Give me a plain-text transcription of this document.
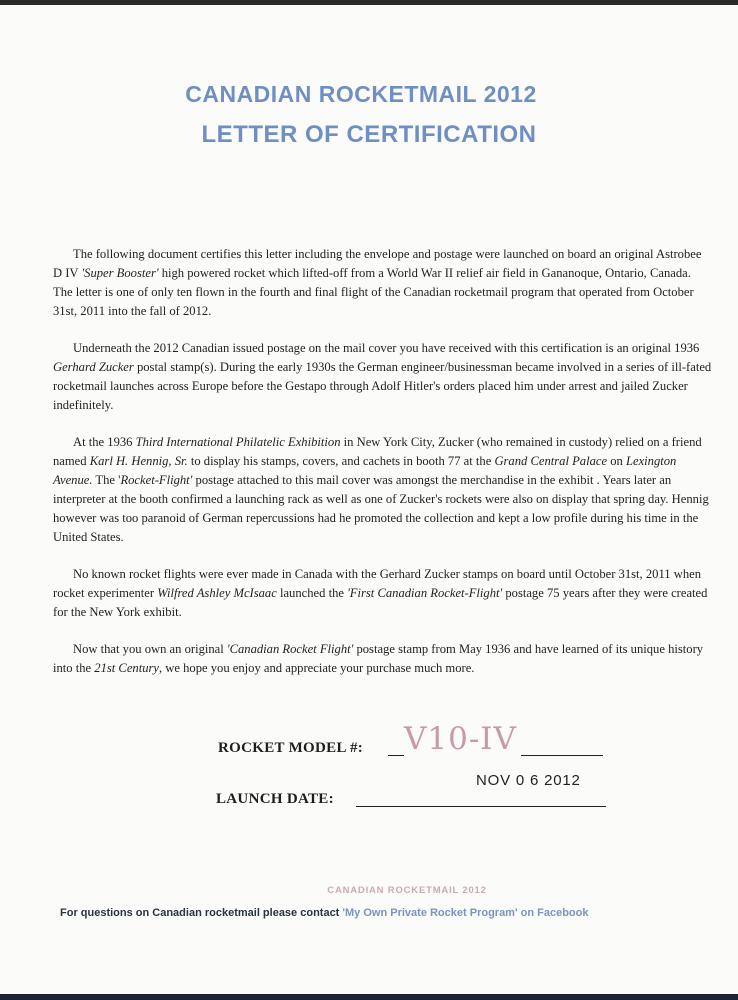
CANADIAN ROCKETMAIL 2012
LETTER OF CERTIFICATION

The following document certifies this letter including the envelope and postage were launched on board an original Astrobee D IV 'Super Booster' high powered rocket which lifted-off from a World War II relief air field in Gananoque, Ontario, Canada. The letter is one of only ten flown in the fourth and final flight of the Canadian rocketmail program that operated from October 31st, 2011 into the fall of 2012.

Underneath the 2012 Canadian issued postage on the mail cover you have received with this certification is an original 1936 Gerhard Zucker postal stamp(s). During the early 1930s the German engineer/businessman became involved in a series of ill-fated rocketmail launches across Europe before the Gestapo through Adolf Hitler's orders placed him under arrest and jailed Zucker indefinitely.

At the 1936 Third International Philatelic Exhibition in New York City, Zucker (who remained in custody) relied on a friend named Karl H. Hennig, Sr. to display his stamps, covers, and cachets in booth 77 at the Grand Central Palace on Lexington Avenue. The 'Rocket-Flight' postage attached to this mail cover was amongst the merchandise in the exhibit . Years later an interpreter at the booth confirmed a launching rack as well as one of Zucker's rockets were also on display that spring day. Hennig however was too paranoid of German repercussions had he promoted the collection and kept a low profile during his time in the United States.

No known rocket flights were ever made in Canada with the Gerhard Zucker stamps on board until October 31st, 2011 when rocket experimenter Wilfred Ashley McIsaac launched the 'First Canadian Rocket-Flight' postage 75 years after they were created for the New York exhibit.

Now that you own an original 'Canadian Rocket Flight' postage stamp from May 1936 and have learned of its unique history into the 21st Century, we hope you enjoy and appreciate your purchase much more.

ROCKET MODEL #: V10-IV
NOV 0 6 2012
LAUNCH DATE:
CANADIAN ROCKETMAIL 2012
For questions on Canadian rocketmail please contact 'My Own Private Rocket Program' on Facebook
